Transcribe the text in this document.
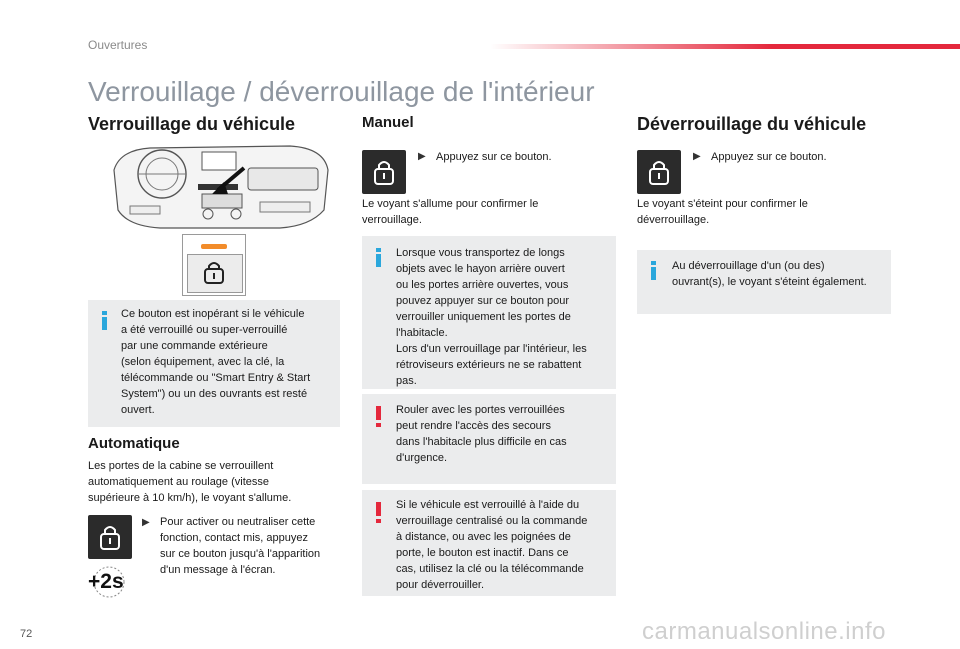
Ouvertures
Verrouillage / déverrouillage de l'intérieur
Verrouillage du véhicule
Ce bouton est inopérant si le véhicule
a été verrouillé ou super-verrouillé
par une commande extérieure
(selon équipement, avec la clé, la
télécommande ou "Smart Entry & Start
System") ou un des ouvrants est resté
ouvert.
Automatique
Les portes de la cabine se verrouillent
automatiquement au roulage (vitesse
supérieure à 10 km/h), le voyant s'allume.
▶ Pour activer ou neutraliser cette
fonction, contact mis, appuyez
sur ce bouton jusqu'à l'apparition
d'un message à l'écran.
+2s
Manuel
▶ Appuyez sur ce bouton.
Le voyant s'allume pour confirmer le
verrouillage.
Lorsque vous transportez de longs
objets avec le hayon arrière ouvert
ou les portes arrière ouvertes, vous
pouvez appuyer sur ce bouton pour
verrouiller uniquement les portes de
l'habitacle.
Lors d'un verrouillage par l'intérieur, les
rétroviseurs extérieurs ne se rabattent
pas.
Rouler avec les portes verrouillées
peut rendre l'accès des secours
dans l'habitacle plus difficile en cas
d'urgence.
Si le véhicule est verrouillé à l'aide du
verrouillage centralisé ou la commande
à distance, ou avec les poignées de
porte, le bouton est inactif. Dans ce
cas, utilisez la clé ou la télécommande
pour déverrouiller.
Déverrouillage du véhicule
▶ Appuyez sur ce bouton.
Le voyant s'éteint pour confirmer le
déverrouillage.
Au déverrouillage d'un (ou des)
ouvrant(s), le voyant s'éteint également.
72	carmanualsonline.info
